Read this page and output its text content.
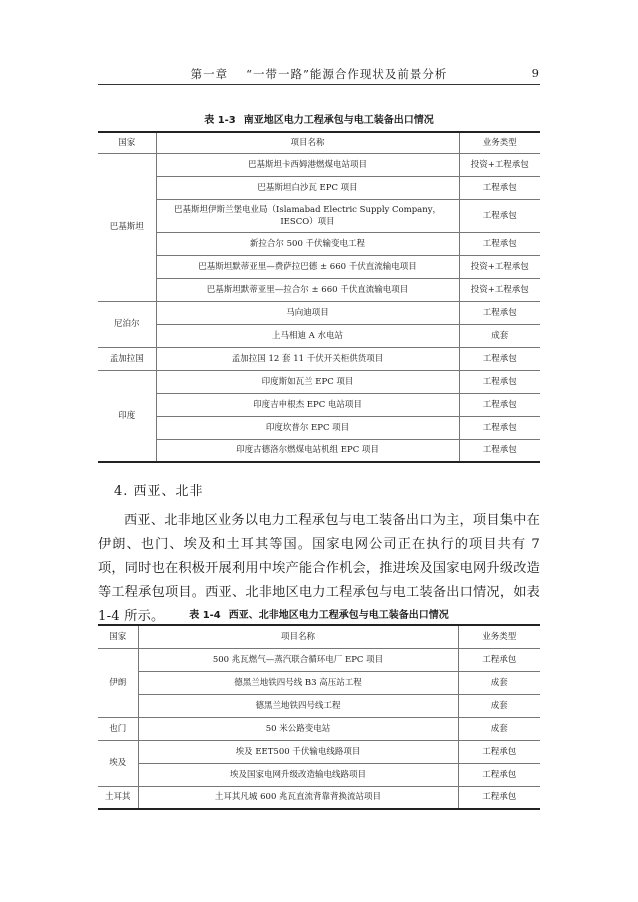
第一章 “一带一路”能源合作现状及前景分析	9
表 1-3 南亚地区电力工程承包与电工装备出口情况
国家	项目名称	业务类型
巴基斯坦	巴基斯坦卡西姆港燃煤电站项目	投资+工程承包
	巴基斯坦白沙瓦 EPC 项目	工程承包
	巴基斯坦伊斯兰堡电业局（Islamabad Electric Supply Company，IESCO）项目	工程承包
	新拉合尔 500 千伏输变电工程	工程承包
	巴基斯坦默蒂亚里—费萨拉巴德 ± 660 千伏直流输电项目	投资+工程承包
	巴基斯坦默蒂亚里—拉合尔 ± 660 千伏直流输电项目	投资+工程承包
尼泊尔	马向迪项目	工程承包
	上马相迪 A 水电站	成套
孟加拉国	孟加拉国 12 套 11 千伏开关柜供货项目	工程承包
印度	印度斯如瓦兰 EPC 项目	工程承包
	印度吉申根杰 EPC 电站项目	工程承包
	印度坎普尔 EPC 项目	工程承包
	印度古德洛尔燃煤电站机组 EPC 项目	工程承包
4. 西亚、北非
西亚、北非地区业务以电力工程承包与电工装备出口为主，项目集中在伊朗、也门、埃及和土耳其等国。国家电网公司正在执行的项目共有 7 项，同时也在积极开展利用中埃产能合作机会，推进埃及国家电网升级改造等工程承包项目。西亚、北非地区电力工程承包与电工装备出口情况，如表 1-4 所示。	表 1-4 西亚、北非地区电力工程承包与电工装备出口情况
国家	项目名称	业务类型
伊朗	500 兆瓦燃气—蒸汽联合循环电厂 EPC 项目	工程承包
	德黑兰地铁四号线 B3 高压站工程	成套
	德黑兰地铁四号线工程	成套
也门	50 米公路变电站	成套
埃及	埃及 EET500 千伏输电线路项目	工程承包
	埃及国家电网升级改造输电线路项目	工程承包
土耳其	土耳其凡城 600 兆瓦直流背靠背换流站项目	工程承包
